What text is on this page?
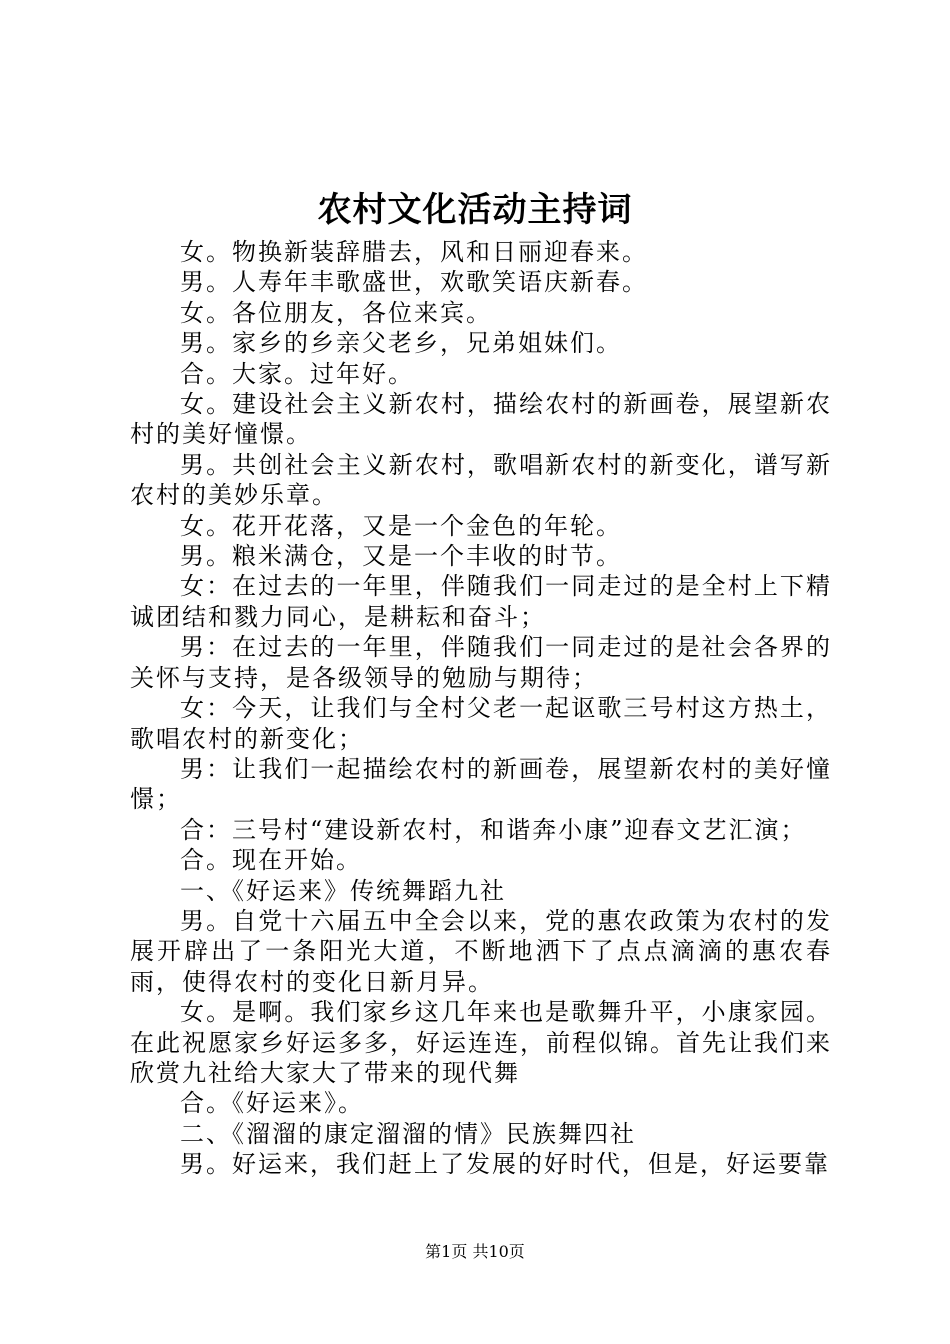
农村文化活动主持词

女。物换新装辞腊去，风和日丽迎春来。

男。人寿年丰歌盛世，欢歌笑语庆新春。

女。各位朋友，各位来宾。

男。家乡的乡亲父老乡，兄弟姐妹们。

合。大家。过年好。

女。建设社会主义新农村，描绘农村的新画卷，展望新农村的美好憧憬。

男。共创社会主义新农村，歌唱新农村的新变化，谱写新农村的美妙乐章。

女。花开花落，又是一个金色的年轮。

男。粮米满仓，又是一个丰收的时节。

女：在过去的一年里，伴随我们一同走过的是全村上下精诚团结和戮力同心，是耕耘和奋斗；

男：在过去的一年里，伴随我们一同走过的是社会各界的关怀与支持，是各级领导的勉励与期待；

女：今天，让我们与全村父老一起讴歌三号村这方热土，歌唱农村的新变化；

男：让我们一起描绘农村的新画卷，展望新农村的美好憧憬；

合：三号村“建设新农村，和谐奔小康”迎春文艺汇演；

合。现在开始。

一、《好运来》传统舞蹈九社

男。自党十六届五中全会以来，党的惠农政策为农村的发展开辟出了一条阳光大道，不断地洒下了点点滴滴的惠农春雨，使得农村的变化日新月异。

女。是啊。我们家乡这几年来也是歌舞升平，小康家园。在此祝愿家乡好运多多，好运连连，前程似锦。首先让我们来欣赏九社给大家大了带来的现代舞

合。《好运来》。

二、《溜溜的康定溜溜的情》民族舞四社

男。好运来，我们赶上了发展的好时代，但是，好运要靠

第1页 共10页
